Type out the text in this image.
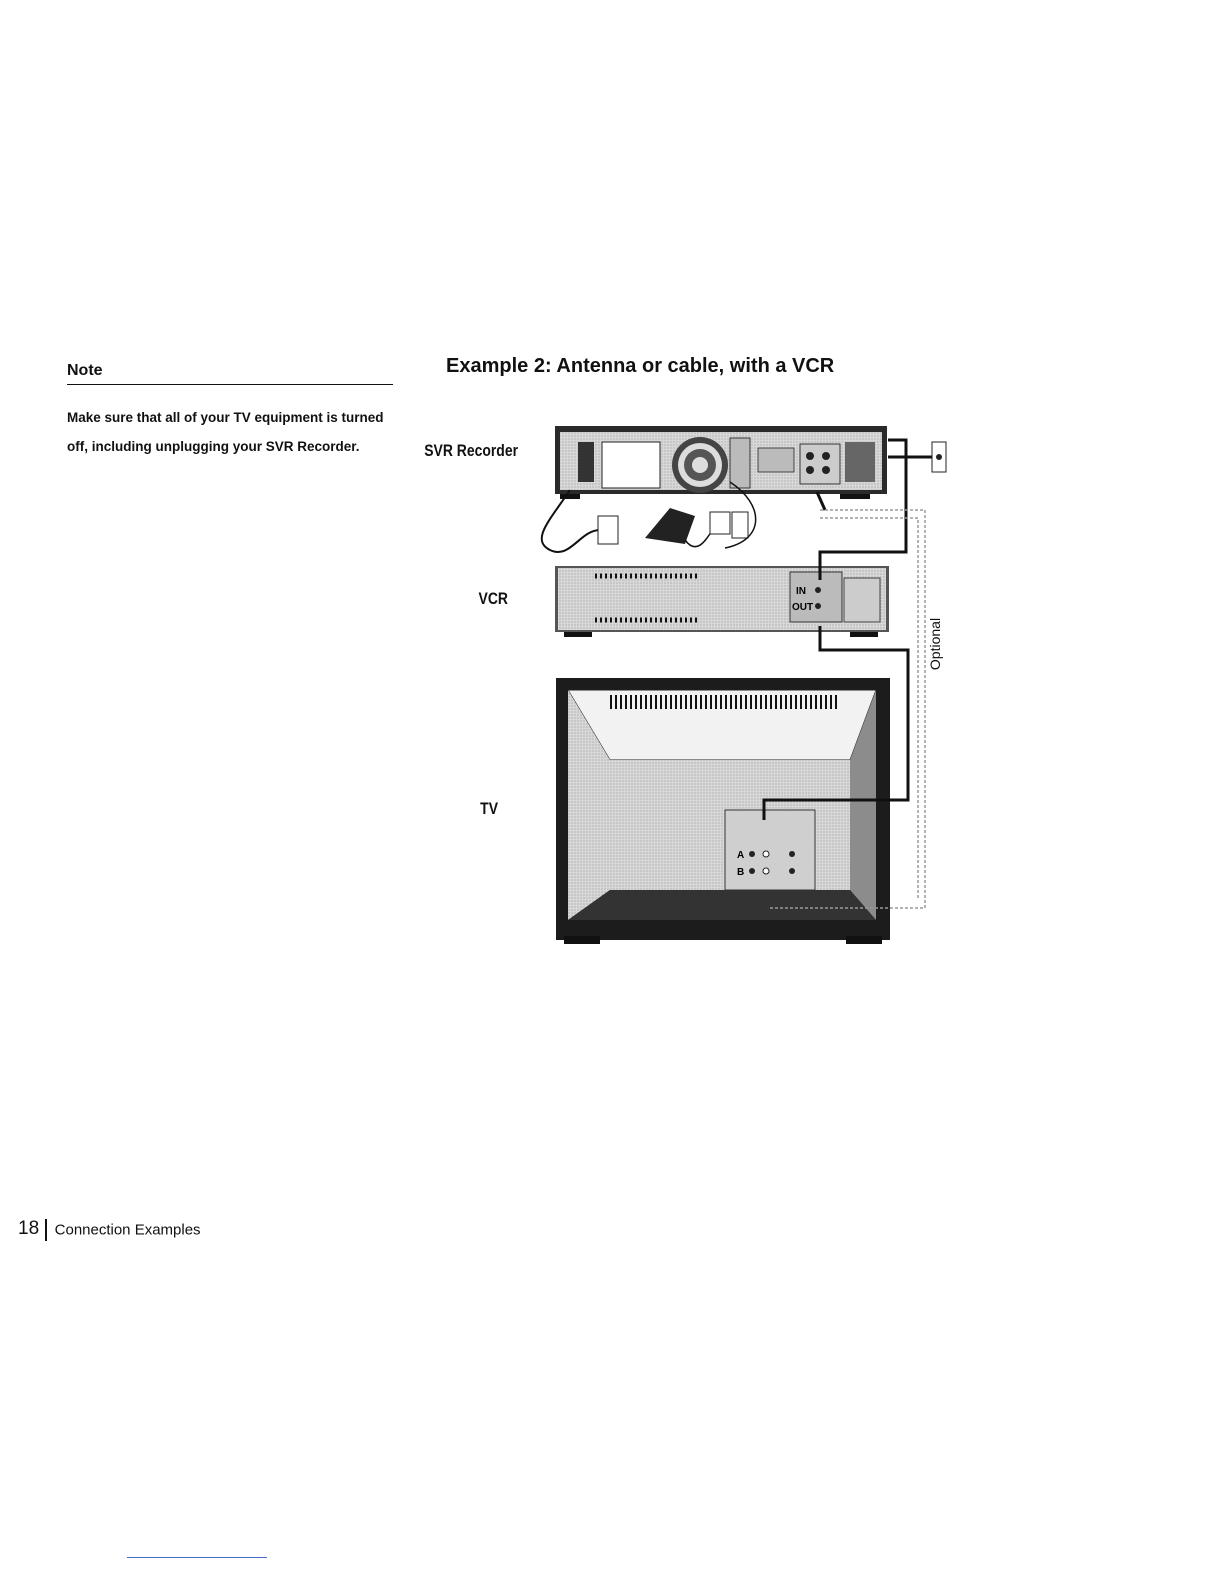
Note
Make sure that all of your TV equipment is turned off, including unplugging your SVR Recorder.
Example 2: Antenna or cable, with a VCR
SVR Recorder
VCR
TV
IN
OUT
A
B
Optional
18 Connection Examples
